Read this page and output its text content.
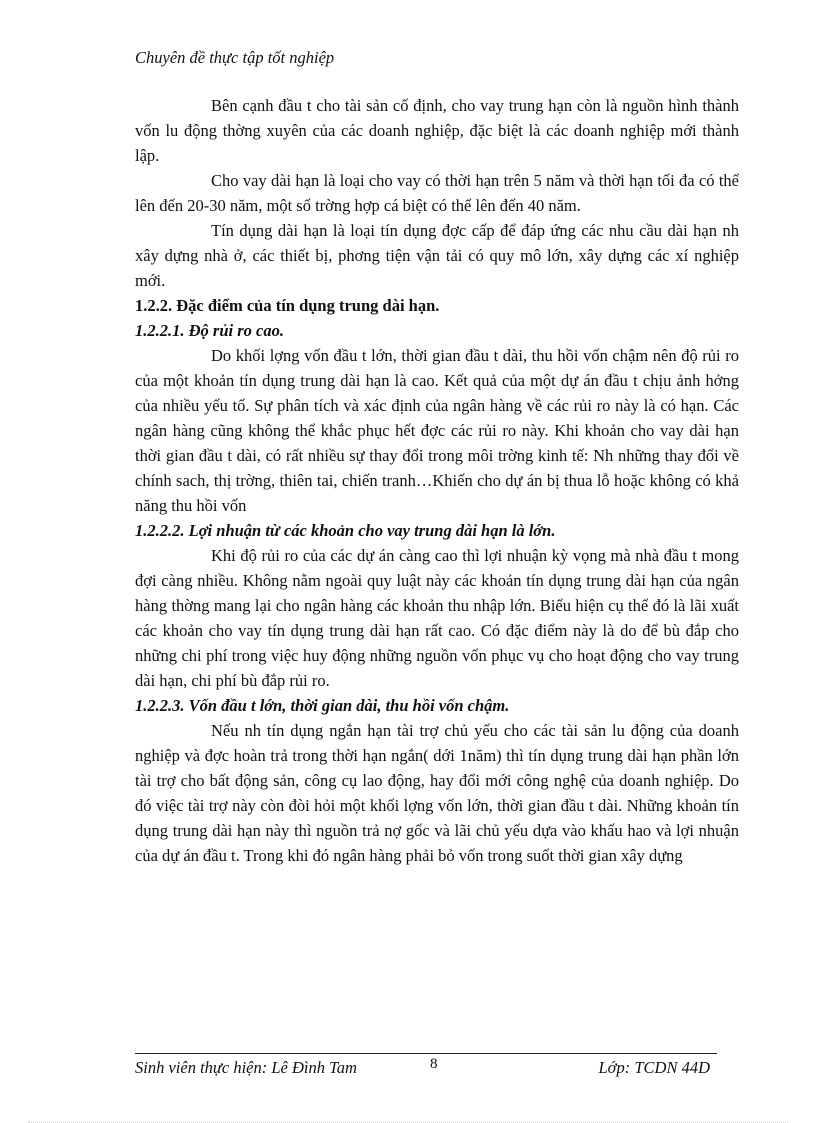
Chuyên đề thực tập tốt nghiệp

Bên cạnh đầu t cho tài sản cố định, cho vay trung hạn còn là nguồn hình thành vốn lu động thờng xuyên của các doanh nghiệp, đặc biệt là các doanh nghiệp mới thành lập.

Cho vay dài hạn là loại cho vay có thời hạn trên 5 năm và thời hạn tối đa có thể lên đến 20-30 năm, một số trờng hợp cá biệt có thể lên đến 40 năm.

Tín dụng dài hạn là loại tín dụng đợc cấp để đáp ứng các nhu cầu dài hạn nh xây dựng nhà ở, các thiết bị, phơng tiện vận tải có quy mô lớn, xây dựng các xí nghiệp mới.

1.2.2. Đặc điểm của tín dụng trung dài hạn.
1.2.2.1. Độ rủi ro cao.

Do khối lợng vốn đầu t lớn, thời gian đầu t dài, thu hồi vốn chậm nên độ rủi ro của một khoản tín dụng trung dài hạn là cao. Kết quả của một dự án đầu t chịu ảnh hởng của nhiều yếu tố. Sự phân tích và xác định của ngân hàng về các rủi ro này là có hạn. Các ngân hàng cũng không thể khắc phục hết đợc các rủi ro này. Khi khoản cho vay dài hạn thời gian đầu t dài, có rất nhiều sự thay đổi trong môi trờng kinh tế: Nh những thay đổi về chính sach, thị trờng, thiên tai, chiến tranh…Khiến cho dự án bị thua lỗ hoặc không có khả năng thu hồi vốn

1.2.2.2. Lợi nhuận từ các khoản cho vay trung dài hạn là lớn.

Khi độ rủi ro của các dự án càng cao thì lợi nhuận kỳ vọng mà nhà đầu t mong đợi càng nhiều. Không nằm ngoài quy luật này các khoản tín dụng trung dài hạn của ngân hàng thờng mang lại cho ngân hàng các khoản thu nhập lớn. Biểu hiện cụ thể đó là lãi xuất các khoản cho vay tín dụng trung dài hạn rất cao. Có đặc điểm này là do để bù đắp cho những chi phí trong việc huy động những nguồn vốn phục vụ cho hoạt động cho vay trung dài hạn, chi phí bù đắp rủi ro.

1.2.2.3. Vốn đầu t lớn, thời gian dài, thu hồi vốn chậm.

Nếu nh tín dụng ngắn hạn tài trợ chủ yếu cho các tài sản lu động của doanh nghiệp và đợc hoàn trả trong thời hạn ngắn( dới 1năm) thì tín dụng trung dài hạn phần lớn tài trợ cho bất động sản, công cụ lao động, hay đổi mới công nghệ của doanh nghiệp. Do đó việc tài trợ này còn đòi hỏi một khối lợng vốn lớn, thời gian đầu t dài. Những khoản tín dụng trung dài hạn này thì nguồn trả nợ gốc và lãi chủ yếu dựa vào khấu hao và lợi nhuận của dự án đầu t. Trong khi đó ngân hàng phải bỏ vốn trong suốt thời gian xây dựng

Sinh viên thực hiện: Lê Đình Tam	8	Lớp: TCDN 44D
